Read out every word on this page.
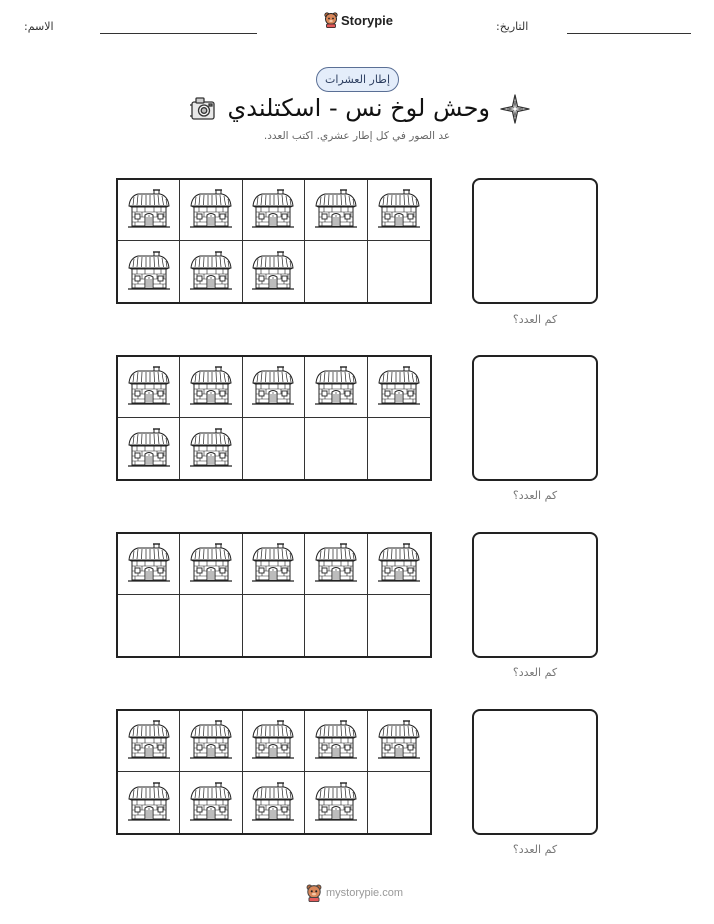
الاسم:	Storypie	التاريخ:
إطار العشرات
وحش لوخ نس - اسكتلندي
عد الصور في كل إطار عشري. اكتب العدد.
كم العدد؟
كم العدد؟
كم العدد؟
كم العدد؟
mystorypie.com
